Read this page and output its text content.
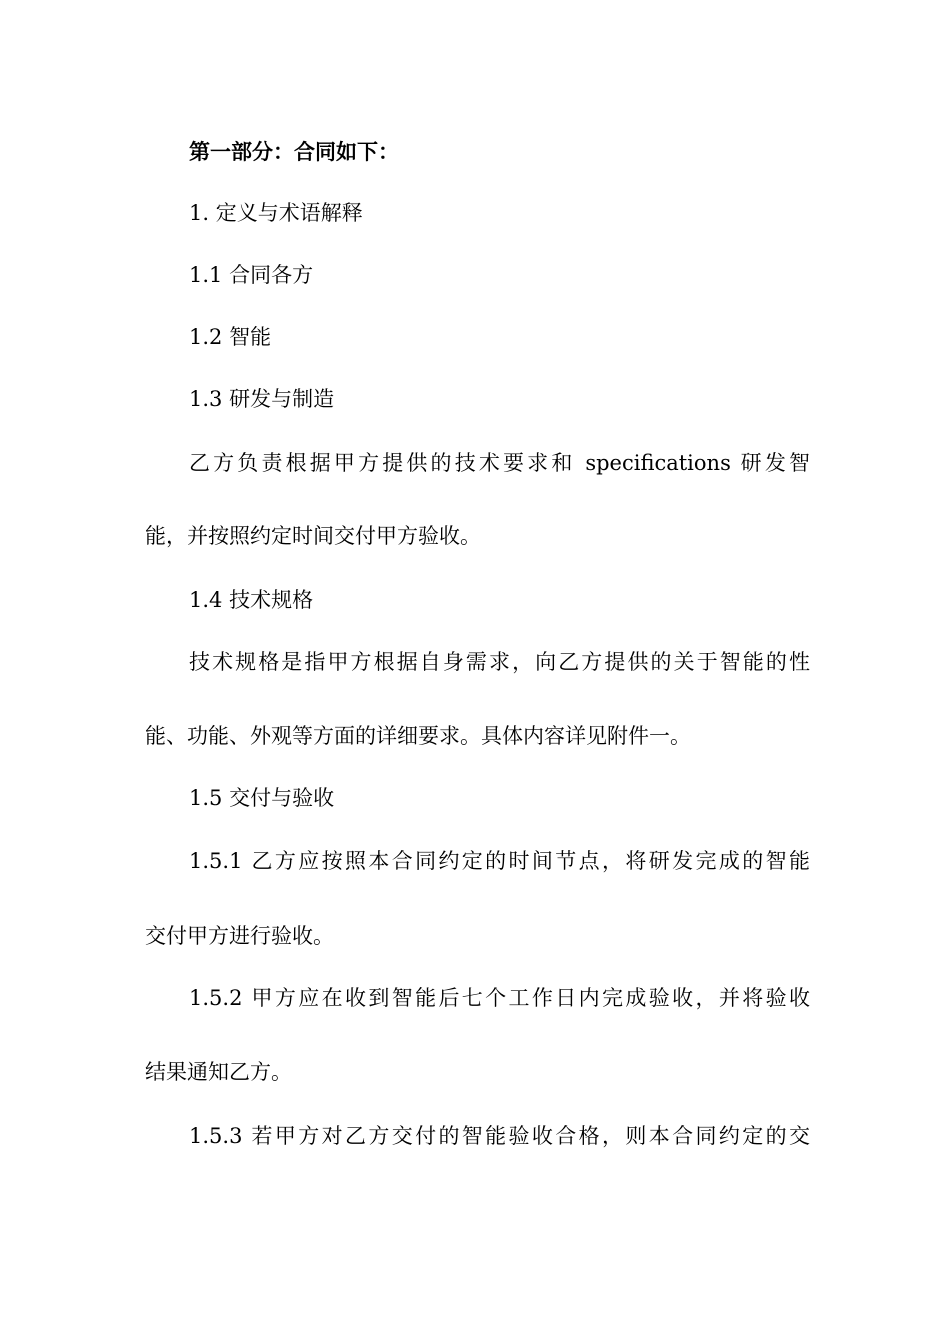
第一部分：合同如下：
1. 定义与术语解释
1.1 合同各方
1.2 智能
1.3 研发与制造
乙方负责根据甲方提供的技术要求和 specifications 研发智
能，并按照约定时间交付甲方验收。
1.4 技术规格
技术规格是指甲方根据自身需求，向乙方提供的关于智能的性
能、功能、外观等方面的详细要求。具体内容详见附件一。
1.5 交付与验收
1.5.1 乙方应按照本合同约定的时间节点，将研发完成的智能
交付甲方进行验收。
1.5.2 甲方应在收到智能后七个工作日内完成验收，并将验收
结果通知乙方。
1.5.3 若甲方对乙方交付的智能验收合格，则本合同约定的交
